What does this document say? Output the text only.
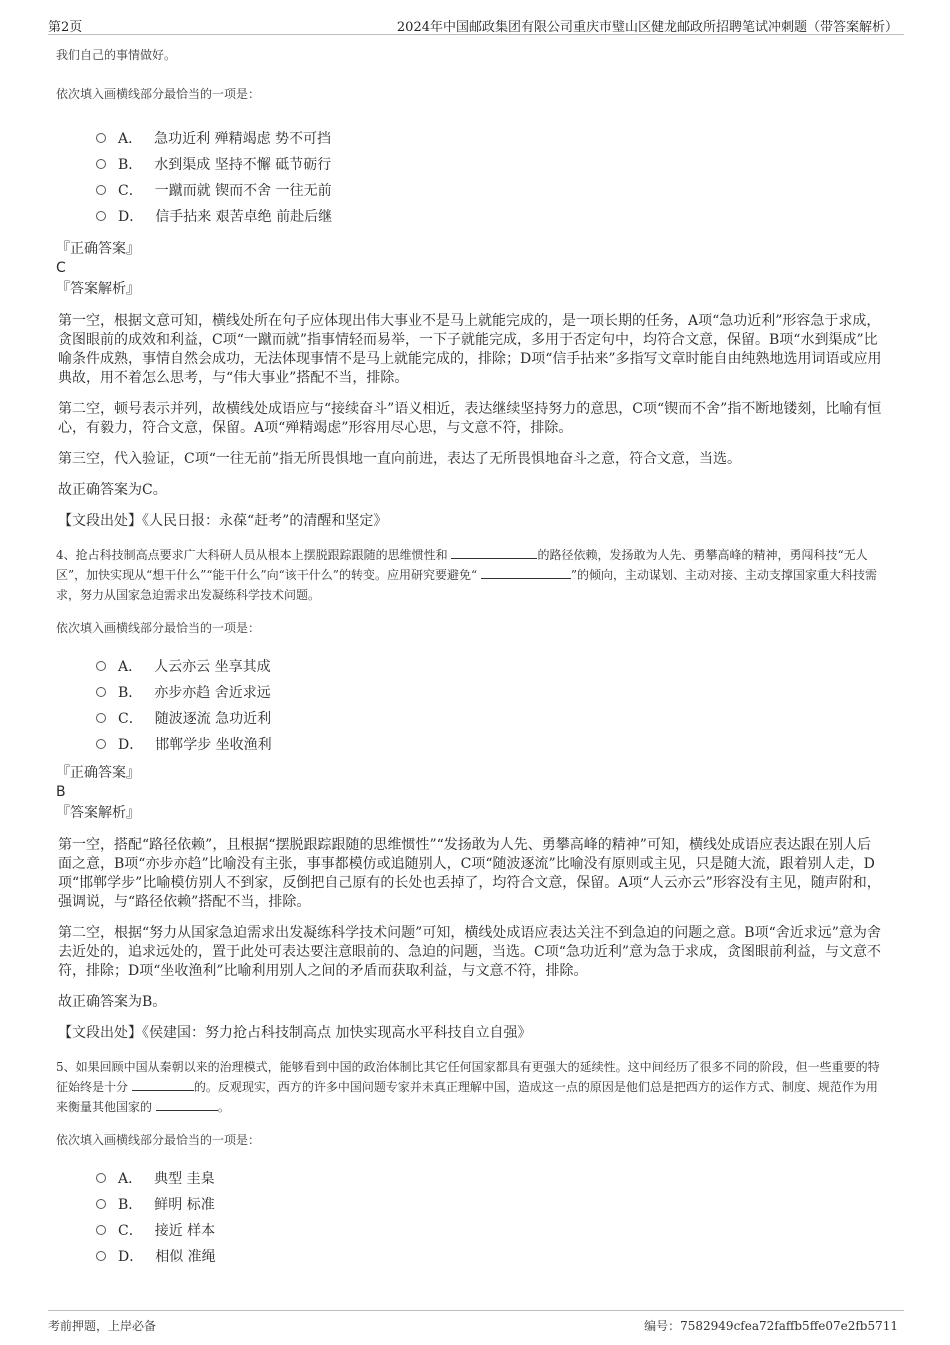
第2页	2024年中国邮政集团有限公司重庆市璧山区健龙邮政所招聘笔试冲刺题（带答案解析）

我们自己的事情做好。

依次填入画横线部分最恰当的一项是：

A． 急功近利 殚精竭虑 势不可挡
B． 水到渠成 坚持不懈 砥节砺行
C． 一蹴而就 锲而不舍 一往无前
D． 信手拈来 艰苦卓绝 前赴后继

『正确答案』

C

『答案解析』

第一空，根据文意可知，横线处所在句子应体现出伟大事业不是马上就能完成的，是一项长期的任务，A项“急功近利”形容急于求成，贪图眼前的成效和利益，C项“一蹴而就”指事情轻而易举，一下子就能完成，多用于否定句中，均符合文意，保留。B项“水到渠成”比喻条件成熟，事情自然会成功，无法体现事情不是马上就能完成的，排除；D项“信手拈来”多指写文章时能自由纯熟地选用词语或应用典故，用不着怎么思考，与“伟大事业”搭配不当，排除。

第二空，顿号表示并列，故横线处成语应与“接续奋斗”语义相近，表达继续坚持努力的意思，C项“锲而不舍”指不断地镂刻，比喻有恒心，有毅力，符合文意，保留。A项“殚精竭虑”形容用尽心思，与文意不符，排除。

第三空，代入验证，C项“一往无前”指无所畏惧地一直向前进，表达了无所畏惧地奋斗之意，符合文意，当选。

故正确答案为C。

【文段出处】《人民日报：永葆“赶考”的清醒和坚定》

4、抢占科技制高点要求广大科研人员从根本上摆脱跟踪跟随的思维惯性和	的路径依赖，发扬敢为人先、勇攀高峰的精神，勇闯科技“无人区”，加快实现从“想干什么”“能干什么”向“该干什么”的转变。应用研究要避免“	”的倾向，主动谋划、主动对接、主动支撑国家重大科技需求，努力从国家急迫需求出发凝练科学技术问题。

依次填入画横线部分最恰当的一项是：

A． 人云亦云 坐享其成
B． 亦步亦趋 舍近求远
C． 随波逐流 急功近利
D． 邯郸学步 坐收渔利

『正确答案』

B

『答案解析』

第一空，搭配“路径依赖”，且根据“摆脱跟踪跟随的思维惯性”“发扬敢为人先、勇攀高峰的精神”可知，横线处成语应表达跟在别人后面之意，B项“亦步亦趋”比喻没有主张，事事都模仿或追随别人，C项“随波逐流”比喻没有原则或主见，只是随大流，跟着别人走，D项“邯郸学步”比喻模仿别人不到家，反倒把自己原有的长处也丢掉了，均符合文意，保留。A项“人云亦云”形容没有主见，随声附和，强调说，与“路径依赖”搭配不当，排除。

第二空，根据“努力从国家急迫需求出发凝练科学技术问题”可知，横线处成语应表达关注不到急迫的问题之意。B项“舍近求远”意为舍去近处的，追求远处的，置于此处可表达要注意眼前的、急迫的问题，当选。C项“急功近利”意为急于求成，贪图眼前利益，与文意不符，排除；D项“坐收渔利”比喻利用别人之间的矛盾而获取利益，与文意不符，排除。

故正确答案为B。

【文段出处】《侯建国：努力抢占科技制高点 加快实现高水平科技自立自强》

5、如果回顾中国从秦朝以来的治理模式，能够看到中国的政治体制比其它任何国家都具有更强大的延续性。这中间经历了很多不同的阶段，但一些重要的特征始终是十分	的。反观现实，西方的许多中国问题专家并未真正理解中国，造成这一点的原因是他们总是把西方的运作方式、制度、规范作为用来衡量其他国家的	。

依次填入画横线部分最恰当的一项是：

A． 典型 圭臬
B． 鲜明 标准
C． 接近 样本
D． 相似 准绳
考前押题，上岸必备	编号：7582949cfea72faffb5ffe07e2fb5711
